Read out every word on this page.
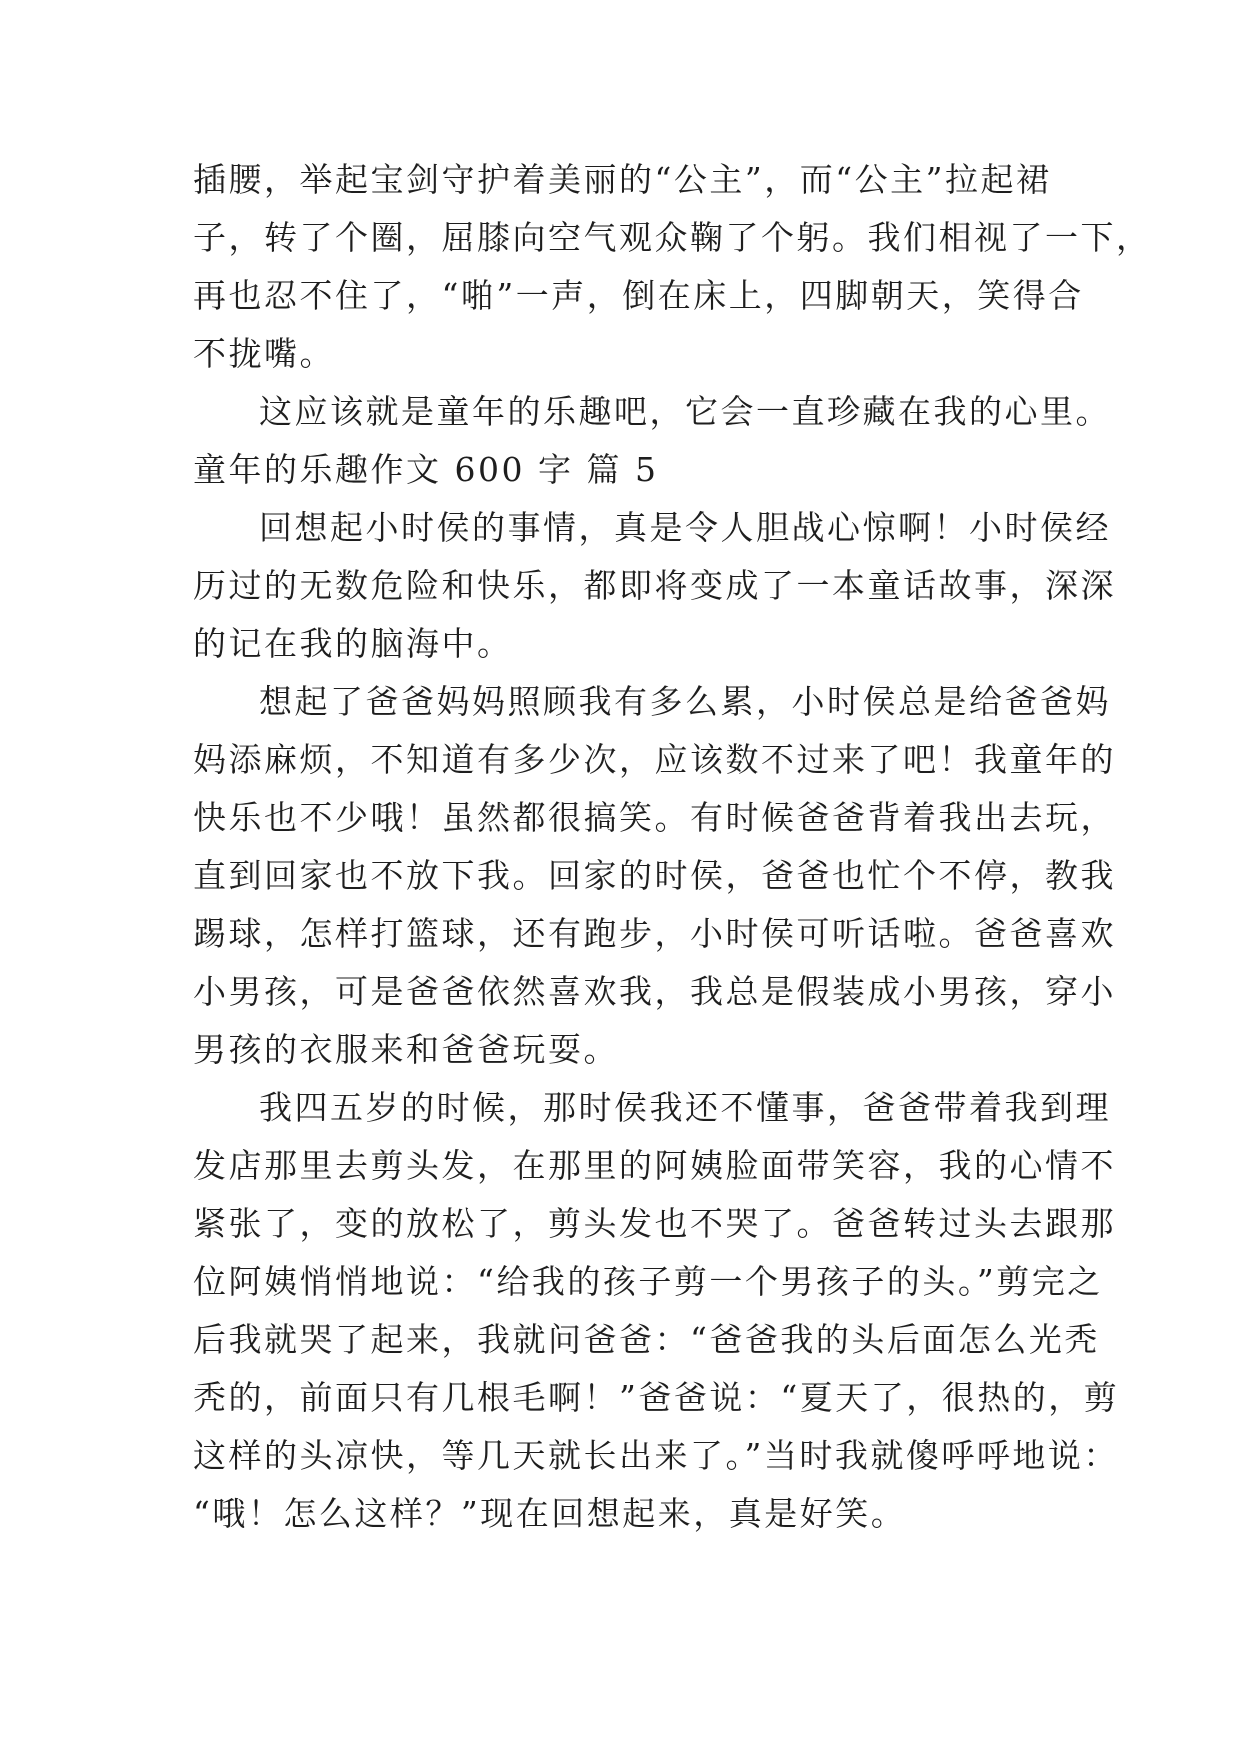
插腰，举起宝剑守护着美丽的“公主”，而“公主”拉起裙
子，转了个圈，屈膝向空气观众鞠了个躬。我们相视了一下，
再也忍不住了，“啪”一声，倒在床上，四脚朝天，笑得合
不拢嘴。
这应该就是童年的乐趣吧，它会一直珍藏在我的心里。
童年的乐趣作文 600 字 篇 5
回想起小时侯的事情，真是令人胆战心惊啊！小时侯经
历过的无数危险和快乐，都即将变成了一本童话故事，深深
的记在我的脑海中。
想起了爸爸妈妈照顾我有多么累，小时侯总是给爸爸妈
妈添麻烦，不知道有多少次，应该数不过来了吧！我童年的
快乐也不少哦！虽然都很搞笑。有时候爸爸背着我出去玩，
直到回家也不放下我。回家的时侯，爸爸也忙个不停，教我
踢球，怎样打篮球，还有跑步，小时侯可听话啦。爸爸喜欢
小男孩，可是爸爸依然喜欢我，我总是假装成小男孩，穿小
男孩的衣服来和爸爸玩耍。
我四五岁的时候，那时侯我还不懂事，爸爸带着我到理
发店那里去剪头发，在那里的阿姨脸面带笑容，我的心情不
紧张了，变的放松了，剪头发也不哭了。爸爸转过头去跟那
位阿姨悄悄地说：“给我的孩子剪一个男孩子的头。”剪完之
后我就哭了起来，我就问爸爸：“爸爸我的头后面怎么光秃
秃的，前面只有几根毛啊！”爸爸说：“夏天了，很热的，剪
这样的头凉快，等几天就长出来了。”当时我就傻呼呼地说：
“哦！怎么这样？”现在回想起来，真是好笑。
